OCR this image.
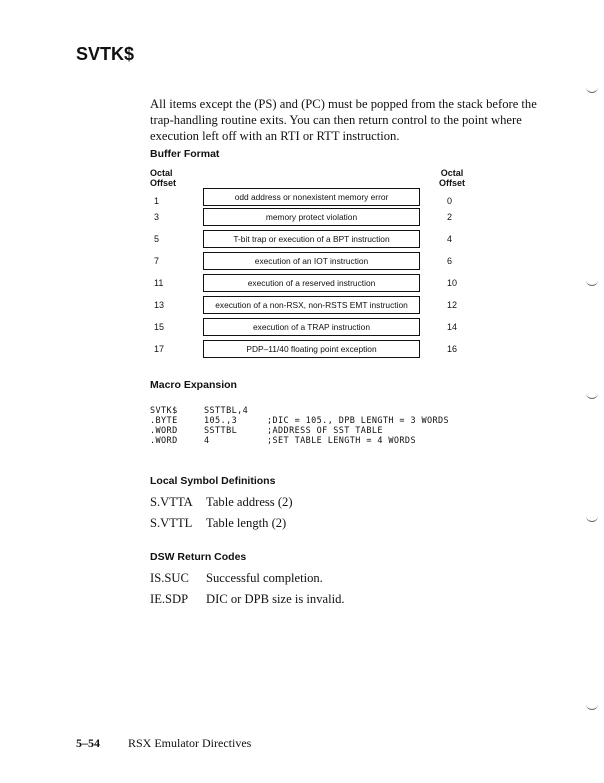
SVTK$
All items except the (PS) and (PC) must be popped from the stack before the trap-handling routine exits. You can then return control to the point where execution left off with an RTI or RTT instruction.
Buffer Format
Octal
Offset
Octal
Offset
1	odd address or nonexistent memory error	0
3	memory protect violation	2
5	T-bit trap or execution of a BPT instruction	4
7	execution of an IOT instruction	6
11	execution of a reserved instruction	10
13	execution of a non-RSX, non-RSTS EMT instruction	12
15	execution of a TRAP instruction	14
17	PDP–11/40 floating point exception	16
Macro Expansion
SVTK$	SSTTBL,4
.BYTE	105.,3	;DIC = 105., DPB LENGTH = 3 WORDS
.WORD	SSTTBL	;ADDRESS OF SST TABLE
.WORD	4	;SET TABLE LENGTH = 4 WORDS
Local Symbol Definitions
S.VTTA Table address (2)
S.VTTL Table length (2)
DSW Return Codes
IS.SUC Successful completion.
IE.SDP DIC or DPB size is invalid.
5–54 RSX Emulator Directives
